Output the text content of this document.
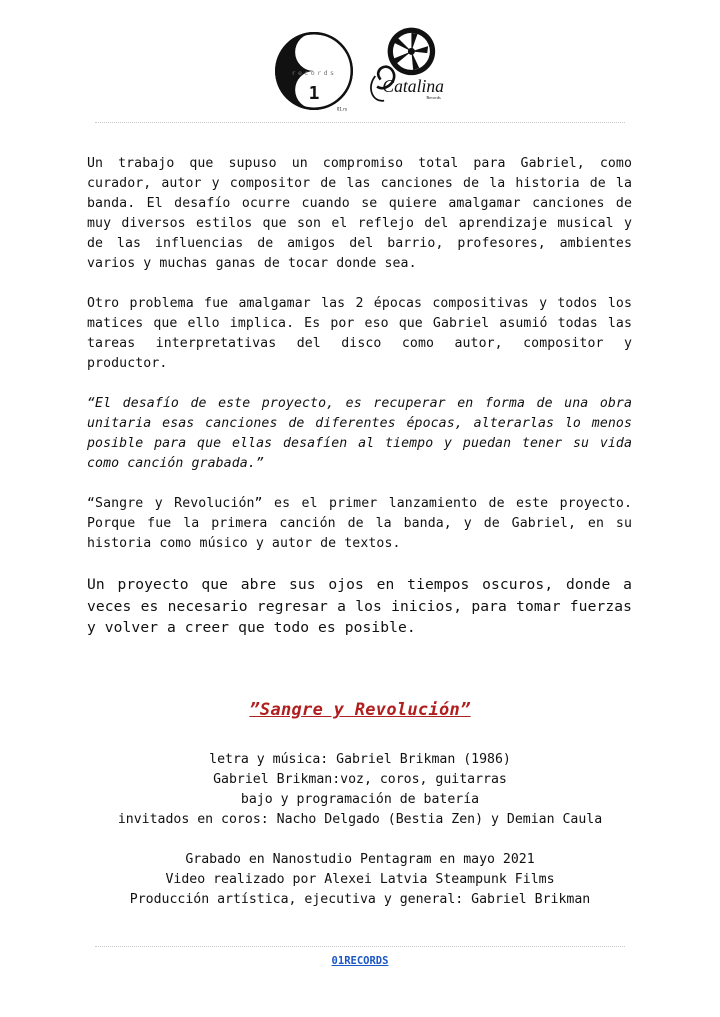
0
1
records
01.rs
Catalina
Records

Un trabajo que supuso un compromiso total para Gabriel, como curador, autor y compositor de las canciones de la historia de la banda. El desafío ocurre cuando se quiere amalgamar canciones de muy diversos estilos que son el reflejo del aprendizaje musical y de las influencias de amigos del barrio, profesores, ambientes varios y muchas ganas de tocar donde sea.

Otro problema fue amalgamar las 2 épocas compositivas y todos los matices que ello implica. Es por eso que Gabriel asumió todas las tareas interpretativas del disco como autor, compositor y productor.

“El desafío de este proyecto, es recuperar en forma de una obra unitaria esas canciones de diferentes épocas, alterarlas lo menos posible para que ellas desafíen al tiempo y puedan tener su vida como canción grabada.”

“Sangre y Revolución” es el primer lanzamiento de este proyecto. Porque fue la primera canción de la banda, y de Gabriel, en su historia como músico y autor de textos.

Un proyecto que abre sus ojos en tiempos oscuros, donde a veces es necesario regresar a los inicios, para tomar fuerzas y volver a creer que todo es posible.

”Sangre y Revolución”
letra y música: Gabriel Brikman (1986)
Gabriel Brikman:voz, coros, guitarras
bajo y programación de batería
invitados en coros: Nacho Delgado (Bestia Zen) y Demian Caula
Grabado en Nanostudio Pentagram en mayo 2021
Video realizado por Alexei Latvia Steampunk Films
Producción artística, ejecutiva y general: Gabriel Brikman
01RECORDS
